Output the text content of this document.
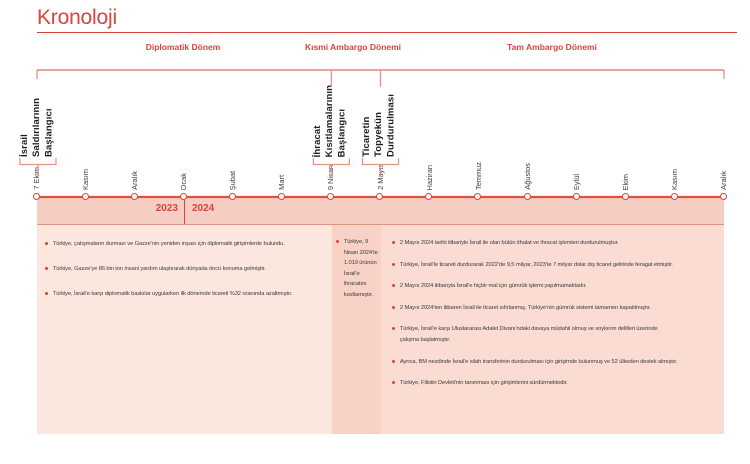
Kronoloji
Türkiye, çatışmaların durması ve Gazze’nin yeniden inşası için diplomatik girişimlerde bulundu.
Türkiye, Gazze’ye 86 bin ton insani yardım ulaştırarak dünyada öncü konuma gelmiştir.
Türkiye, İsrail’e karşı diplomatik baskılar uygularken ilk dönemde ticareti %32 oranında azaltmıştır.
Türkiye, 9 Nisan 2024’te 1.019 ürünün İsrail’e ihracatını kısıtlamıştır.
2 Mayıs 2024 tarihi itibariyle İsrail ile olan bütün ithalat ve ihracat işlemleri durdurulmuştur.
Türkiye, İsrail’le ticareti durdurarak 2022’de 9,5 milyar, 2023’te 7 milyar dolar dış ticaret gelirinde feragat etmiştir.
2 Mayıs 2024 itibarıyla İsrail’e hiçbir mal için gümrük işlemi yapılmamaktadır.
2 Mayıs 2024’ten itibaren İsrail ile ticaret sıfırlanmış, Türkiye’nin gümrük sistemi tamamen kapatılmıştır.
Türkiye, İsrail’e karşı Uluslararası Adalet Divanı’ndaki davaya müdahil olmuş ve soykırım delilleri üzerinde çalışma başlatmıştır.
Ayrıca, BM nezdinde İsrail’e silah transferinin durdurulması için girişimde bulunmuş ve 52 ülkeden destek almıştır.
Türkiye, Filistin Devleti’nin tanınması için girişimlerini sürdürmektedir.
Diplomatik Dönem	Kısmi Ambargo Dönemi	Tam Ambargo Dönemi
İsrail Saldırılarının Başlangıcı	İhracat Kısıtlamalarının Başlangıcı Ticaretin Topyekün Durdurulması
2023 2024
7 Ekim	Kasım	Aralık	Ocak	Şubat	Mart	9 Nisan	2 Mayıs	Haziran	Temmuz	Ağustos	Eylül	Ekim	Kasım	Aralık
